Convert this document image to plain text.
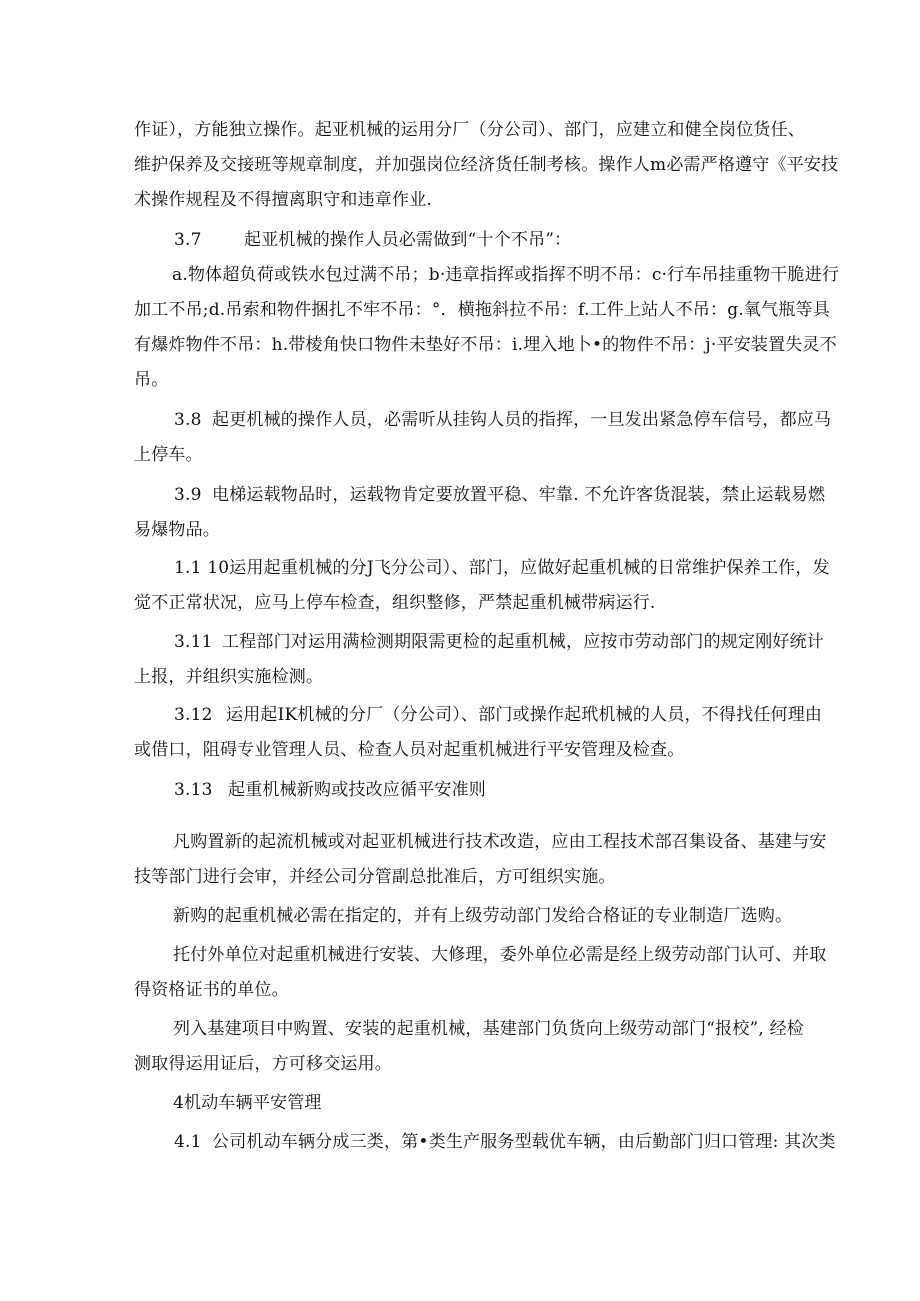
作证），方能独立操作。起亚机械的运用分厂（分公司）、部门，应建立和健全岗位货任、
维护保养及交接班等规章制度，并加强岗位经济货任制考核。操作人m必需严格遵守《平安技
术操作规程及不得擅离职守和违章作业.
3.7 起亚机械的操作人员必需做到“十个不吊”：
a.物体超负荷或铁水包过满不吊；b·违章指挥或指挥不明不吊：c·行车吊挂重物干脆进行
加工不吊;d.吊索和物件捆扎不牢不吊：°．横拖斜拉不吊：f.工件上站人不吊：g.氧气瓶等具
有爆炸物件不吊：h.带棱角快口物件未垫好不吊：i.埋入地卜•的物件不吊：j·平安装置失灵不
吊。
3.8 起更机械的操作人员，必需听从挂钩人员的指挥，一旦发出紧急停车信号，都应马
上停车。
3.9 电梯运载物品时，运载物肯定要放置平稳、牢靠. 不允许客货混装，禁止运载易燃
易爆物品。
1.1 10运用起重机械的分J飞分公司）、部门，应做好起重机械的日常维护保养工作，发
觉不正常状况，应马上停车检查，组织整修，严禁起重机械带病运行.
3.11 工程部门对运用满检测期限需更检的起重机械，应按市劳动部门的规定刚好统计
上报，并组织实施检测。
3.12 运用起IK机械的分厂（分公司）、部门或操作起玳机械的人员，不得找任何理由
或借口，阻碍专业管理人员、检查人员对起重机械进行平安管理及检查。
3.13 起重机械新购或技改应循平安准则
凡购置新的起流机械或对起亚机械进行技术改造，应由工程技术部召集设备、基建与安
技等部门进行会审，并经公司分管副总批准后，方可组织实施。
新购的起重机械必需在指定的，并有上级劳动部门发给合格证的专业制造厂选购。
托付外单位对起重机械进行安装、大修理，委外单位必需是经上级劳动部门认可、并取
得资格证书的单位。
列入基建项目中购置、安装的起重机械，基建部门负货向上级劳动部门“报校”, 经检
测取得运用证后，方可移交运用。
4机动车辆平安管理
4.1 公司机动车辆分成三类，第•类生产服务型载优车辆，由后勤部门归口管理: 其次类
